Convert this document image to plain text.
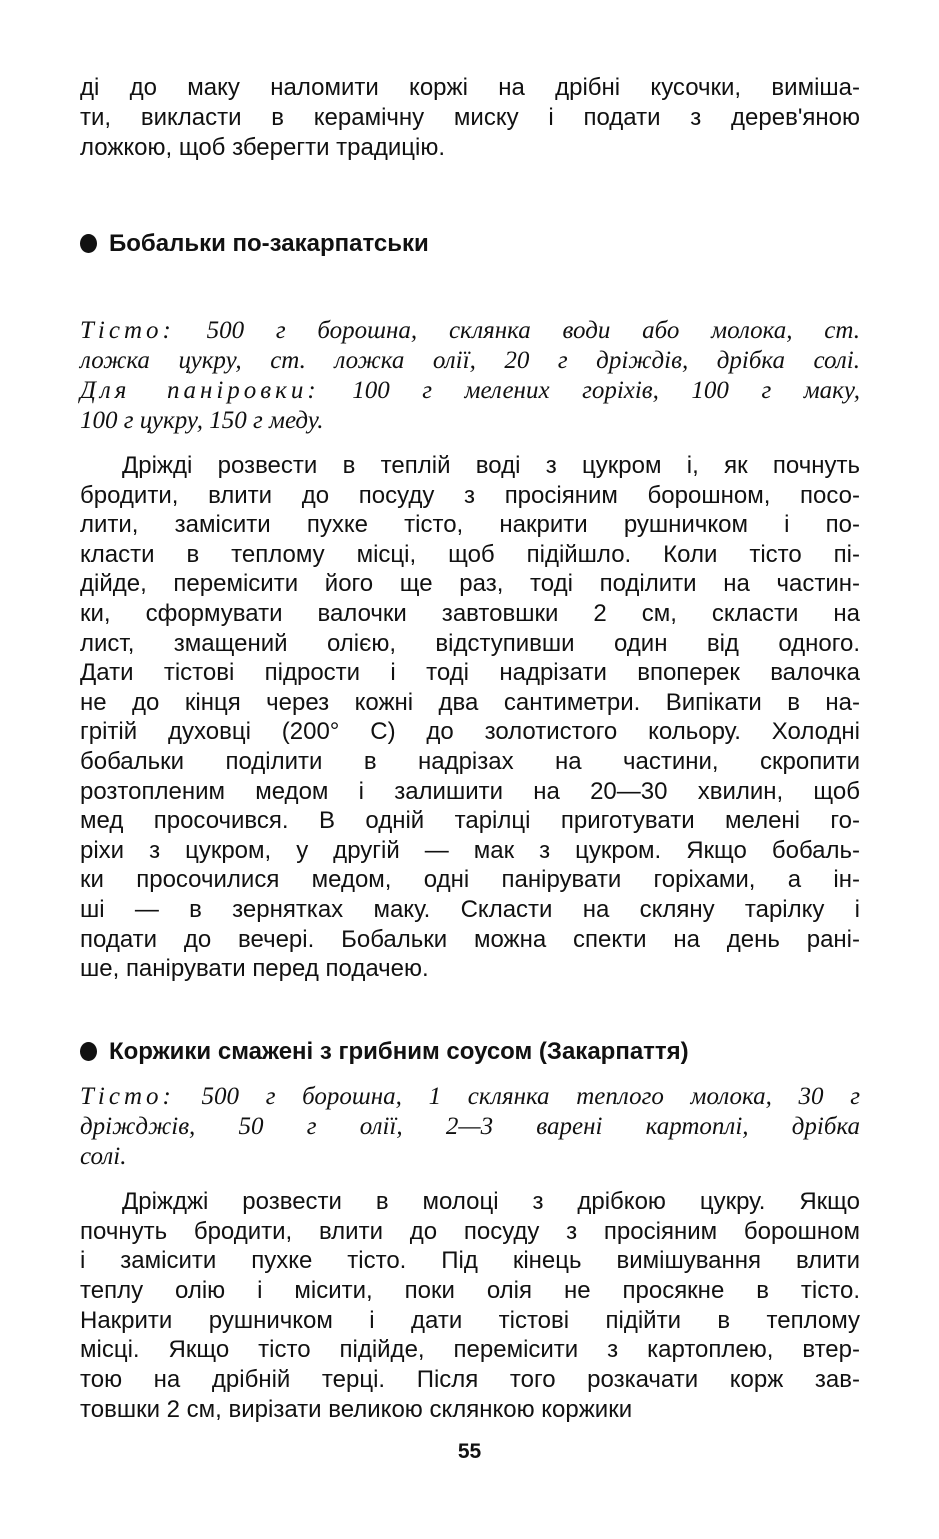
ді до маку наломити коржі на дрібні кусочки, вимішa-
ти, викласти в керамічну миску і подати з дерев'яною
ложкою, щоб зберегти традицію.
Бобальки по-закарпатськи
Тісто: 500 г борошна, склянка води або молока, ст.
ложка цукру, ст. ложка олії, 20 г дріждів, дрібка солі.
Для панірoвки: 100 г мелених горіхів, 100 г маку,
100 г цукру, 150 г меду.
Дріжді розвести в теплій воді з цукром і, як почнуть
бродити, влити до посуду з просіяним борошном, посо-
лити, замісити пухке тісто, накрити рушничком і по-
класти в теплому місці, щоб підійшло. Коли тісто пі-
дійде, перемісити його ще раз, тоді поділити на частин-
ки, сформувати валочки завтовшки 2 см, скласти на
лист, змащений олією, відступивши один від одного.
Дати тістові підрости і тоді надрізати впоперек валочка
не до кінця через кожні два сантиметри. Випікати в на-
грітій духовці (200° С) до золотистого кольору. Холодні
бобальки поділити в надрізах на частини, скропити
розтопленим медом і залишити на 20—30 хвилин, щоб
мед просочився. В одній тарілці приготувати мелені го-
ріхи з цукром, у другій — мак з цукром. Якщо бобаль-
ки просочилися медом, одні панірувати горіхами, а ін-
ші — в зернятках маку. Скласти на скляну тарілку і
подати до вечері. Бобальки можна спекти на день рані-
ше, панірувати перед подачею.
Коржики смажені з грибним соусом (Закарпаття)
Тісто: 500 г борошна, 1 склянка теплого молока, 30 г
дріжджів, 50 г олії, 2—3 варені картоплі, дрібка
солі.
Дріжджі розвести в молоці з дрібкою цукру. Якщо
почнуть бродити, влити до посуду з просіяним борошном
і замісити пухке тісто. Під кінець вимішування влити
теплу олію і місити, поки олія не просякне в тісто.
Накрити рушничком і дати тістові підійти в теплому
місці. Якщо тісто підійде, перемісити з картоплею, втер-
тою на дрібній терці. Після того розкачати корж зав-
товшки 2 см, вирізати великою склянкою коржики
55
